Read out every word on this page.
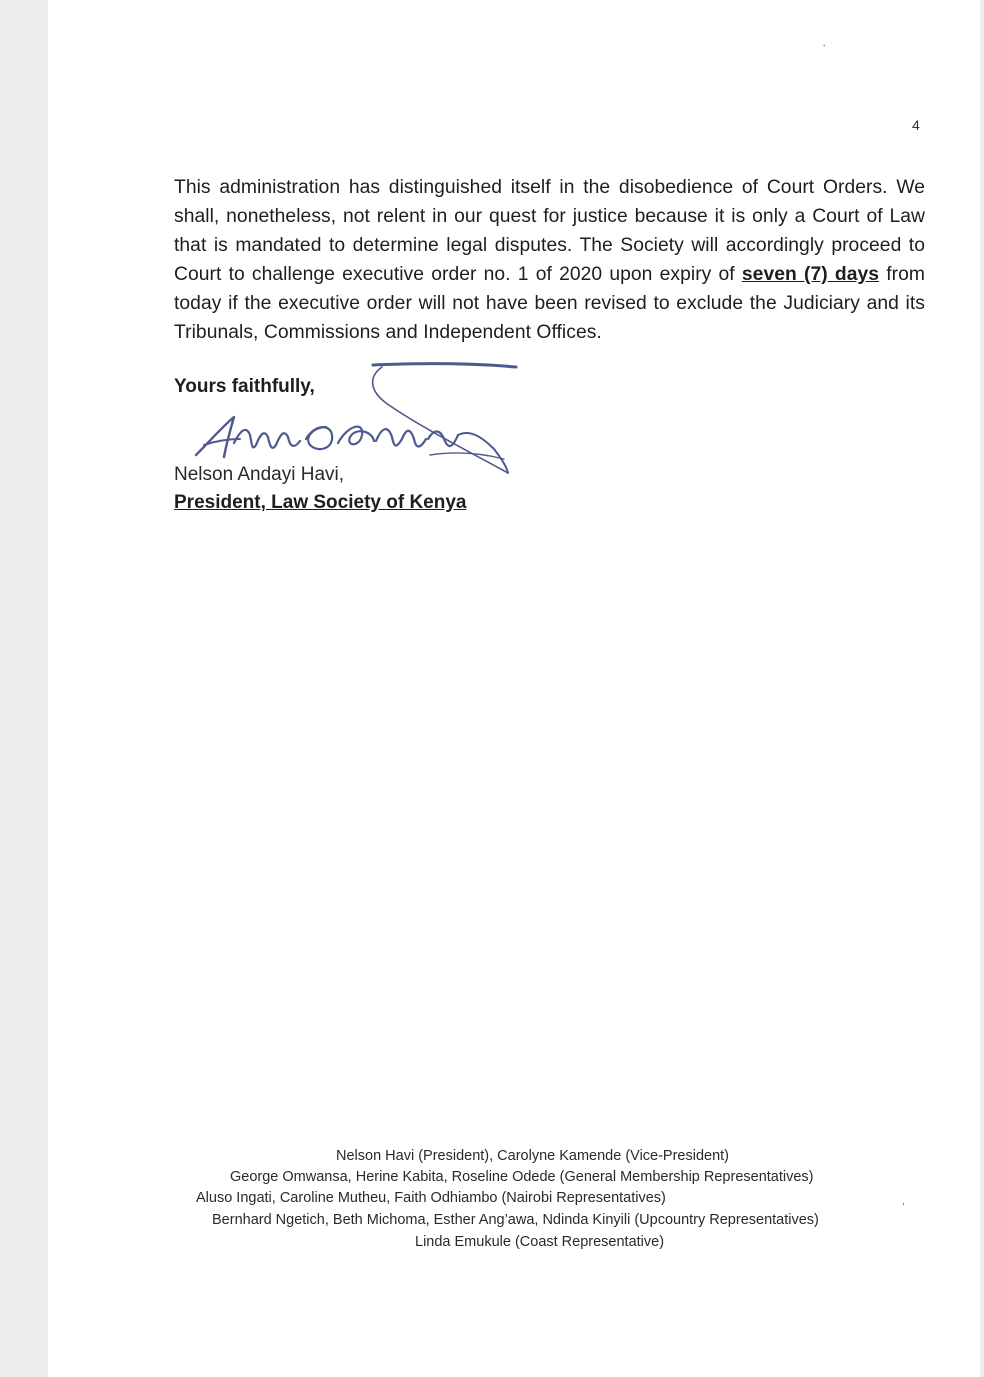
4
ʼ
This administration has distinguished itself in the disobedience of Court Orders. We shall, nonetheless, not relent in our quest for justice because it is only a Court of Law that is mandated to determine legal disputes. The Society will accordingly proceed to Court to challenge executive order no. 1 of 2020 upon expiry of seven (7) days from today if the executive order will not have been revised to exclude the Judiciary and its Tribunals, Commissions and Independent Offices.
Yours faithfully,
Nelson Andayi Havi,
President, Law Society of Kenya
Nelson Havi (President), Carolyne Kamende (Vice-President)
George Omwansa, Herine Kabita, Roseline Odede (General Membership Representatives)
Aluso Ingati, Caroline Mutheu, Faith Odhiambo (Nairobi Representatives)
Bernhard Ngetich, Beth Michoma, Esther Ang’awa, Ndinda Kinyili (Upcountry Representatives)
Linda Emukule (Coast Representative)
,
